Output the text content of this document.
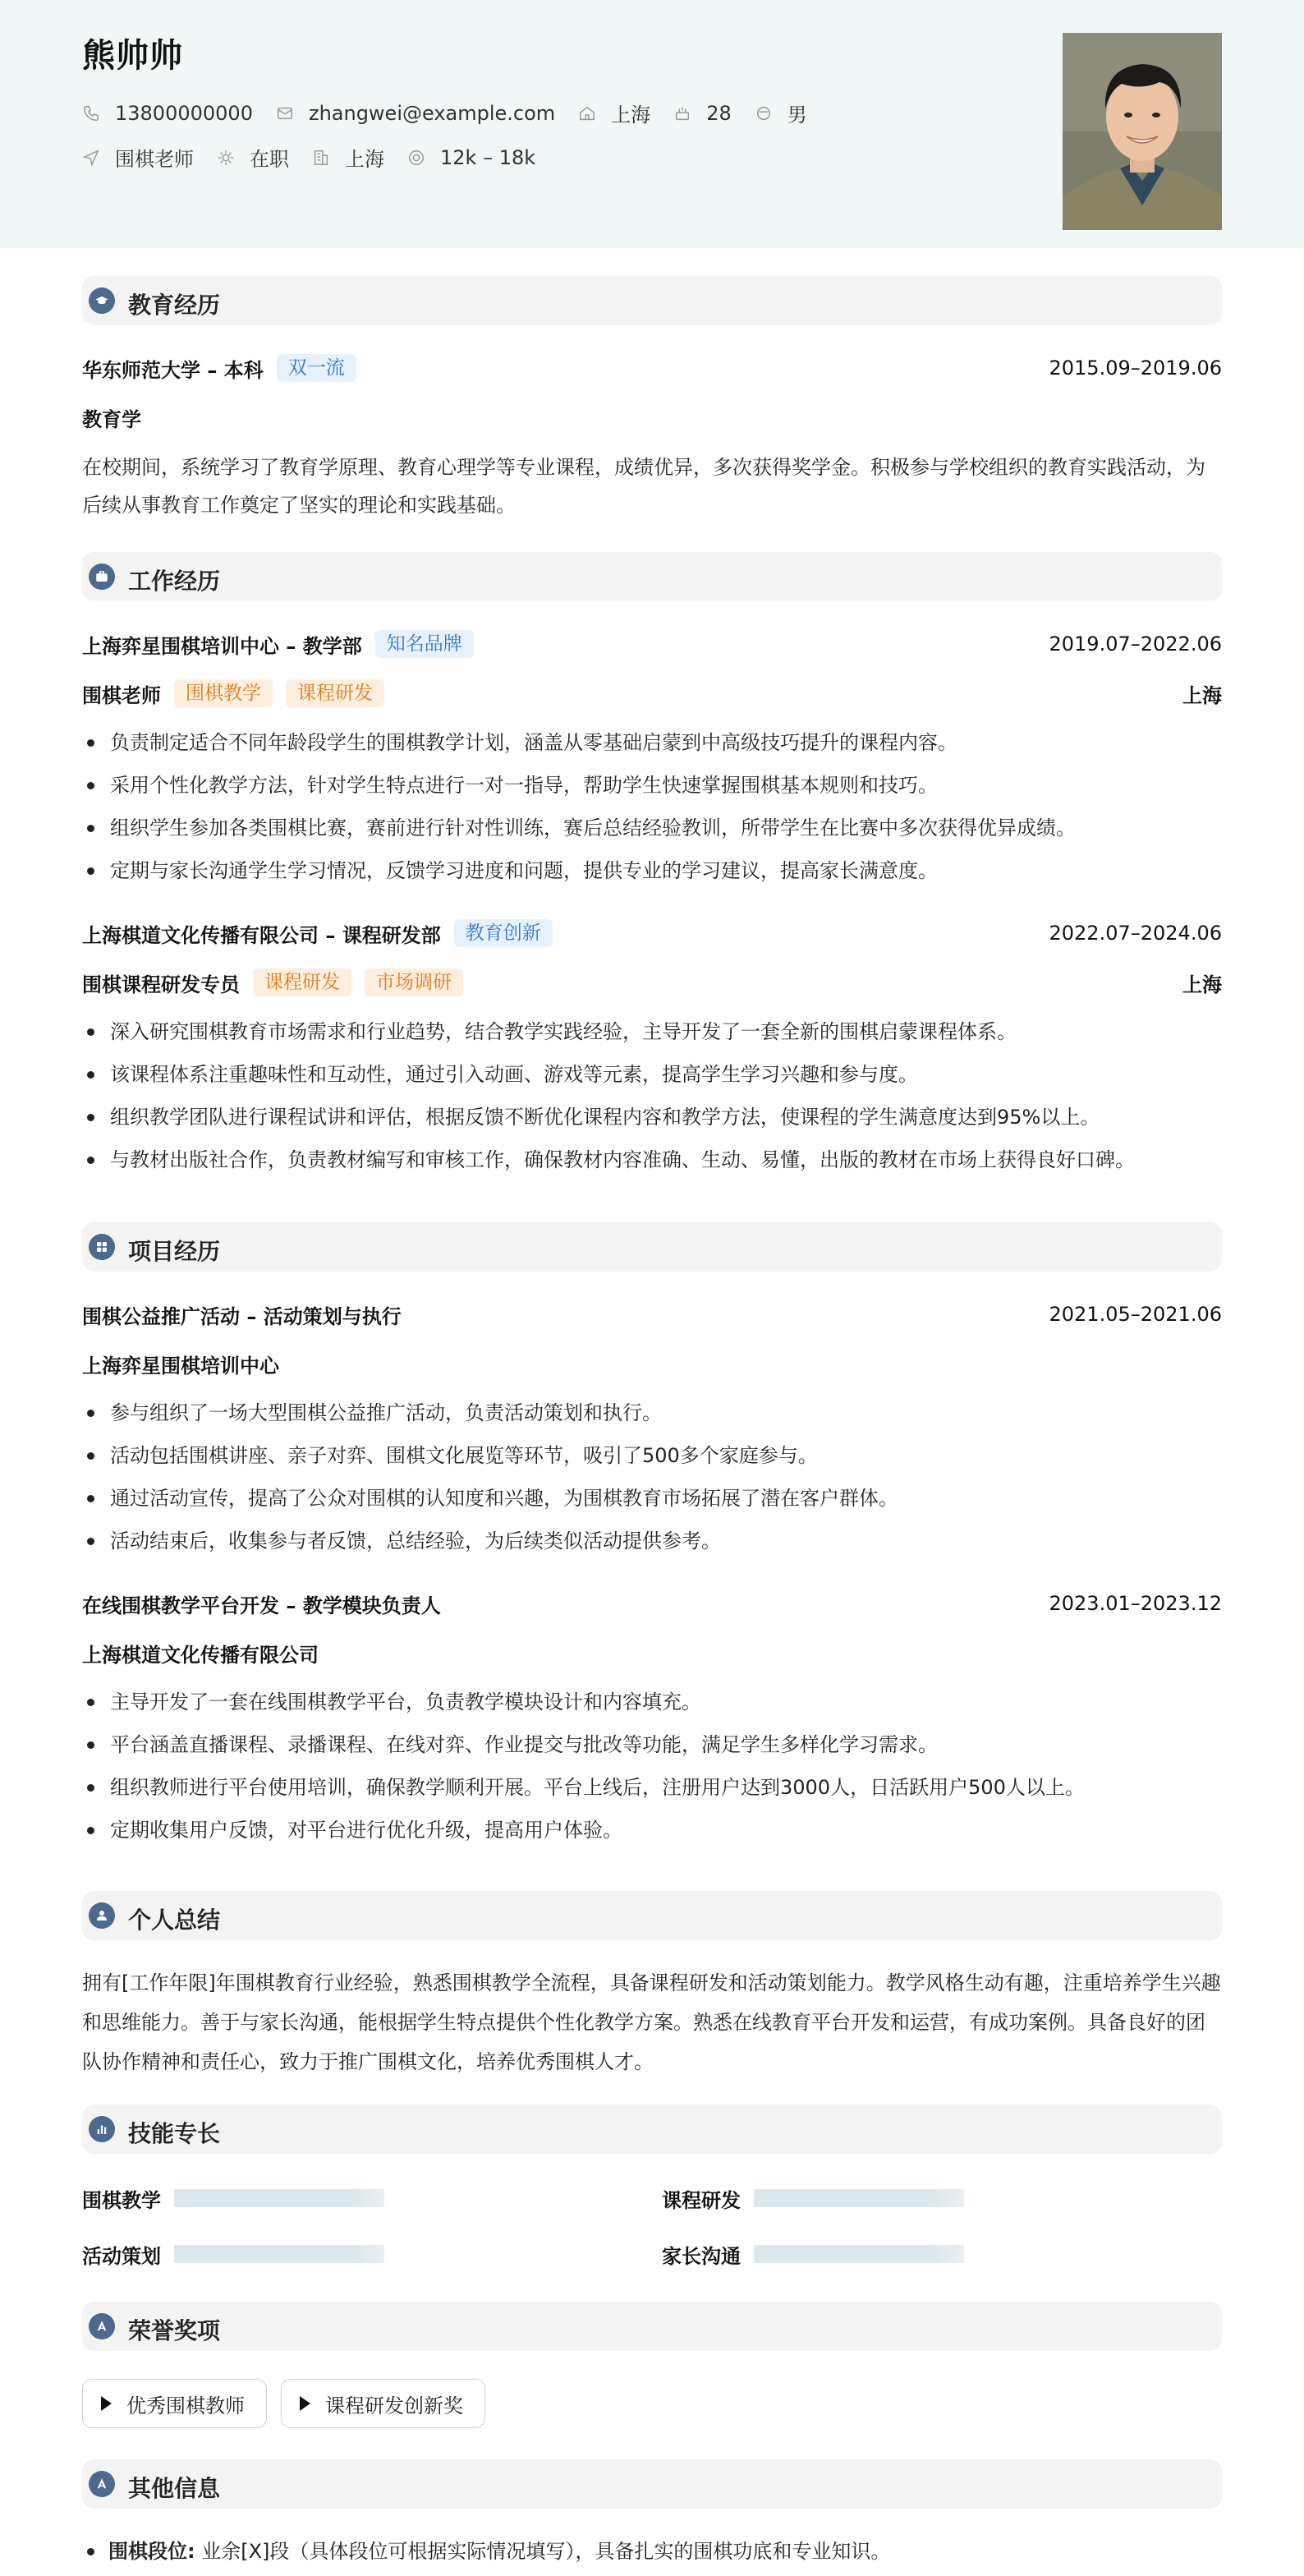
熊帅帅
13800000000	zhangwei@example.com	上海	28	男
围棋老师	在职	上海	12k – 18k
教育经历
华东师范大学 – 本科	双一流	2015.09–2019.06
教育学
在校期间，系统学习了教育学原理、教育心理学等专业课程，成绩优异，多次获得奖学金。积极参与学校组织的教育实践活动，为后续从事教育工作奠定了坚实的理论和实践基础。
工作经历
上海弈星围棋培训中心 – 教学部	知名品牌	2019.07–2022.06
围棋老师	围棋教学	课程研发	上海
负责制定适合不同年龄段学生的围棋教学计划，涵盖从零基础启蒙到中高级技巧提升的课程内容。
采用个性化教学方法，针对学生特点进行一对一指导，帮助学生快速掌握围棋基本规则和技巧。
组织学生参加各类围棋比赛，赛前进行针对性训练，赛后总结经验教训，所带学生在比赛中多次获得优异成绩。
定期与家长沟通学生学习情况，反馈学习进度和问题，提供专业的学习建议，提高家长满意度。
上海棋道文化传播有限公司 – 课程研发部	教育创新	2022.07–2024.06
围棋课程研发专员	课程研发	市场调研	上海
深入研究围棋教育市场需求和行业趋势，结合教学实践经验，主导开发了一套全新的围棋启蒙课程体系。
该课程体系注重趣味性和互动性，通过引入动画、游戏等元素，提高学生学习兴趣和参与度。
组织教学团队进行课程试讲和评估，根据反馈不断优化课程内容和教学方法，使课程的学生满意度达到95%以上。
与教材出版社合作，负责教材编写和审核工作，确保教材内容准确、生动、易懂，出版的教材在市场上获得良好口碑。
项目经历
围棋公益推广活动 – 活动策划与执行	2021.05–2021.06
上海弈星围棋培训中心
参与组织了一场大型围棋公益推广活动，负责活动策划和执行。
活动包括围棋讲座、亲子对弈、围棋文化展览等环节，吸引了500多个家庭参与。
通过活动宣传，提高了公众对围棋的认知度和兴趣，为围棋教育市场拓展了潜在客户群体。
活动结束后，收集参与者反馈，总结经验，为后续类似活动提供参考。
在线围棋教学平台开发 – 教学模块负责人	2023.01–2023.12
上海棋道文化传播有限公司
主导开发了一套在线围棋教学平台，负责教学模块设计和内容填充。
平台涵盖直播课程、录播课程、在线对弈、作业提交与批改等功能，满足学生多样化学习需求。
组织教师进行平台使用培训，确保教学顺利开展。平台上线后，注册用户达到3000人，日活跃用户500人以上。
定期收集用户反馈，对平台进行优化升级，提高用户体验。
个人总结
拥有[工作年限]年围棋教育行业经验，熟悉围棋教学全流程，具备课程研发和活动策划能力。教学风格生动有趣，注重培养学生兴趣和思维能力。善于与家长沟通，能根据学生特点提供个性化教学方案。熟悉在线教育平台开发和运营，有成功案例。具备良好的团队协作精神和责任心，致力于推广围棋文化，培养优秀围棋人才。
技能专长
围棋教学	课程研发
活动策划	家长沟通
荣誉奖项
优秀围棋教师	课程研发创新奖
其他信息
围棋段位: 业余[X]段（具体段位可根据实际情况填写），具备扎实的围棋功底和专业知识。
